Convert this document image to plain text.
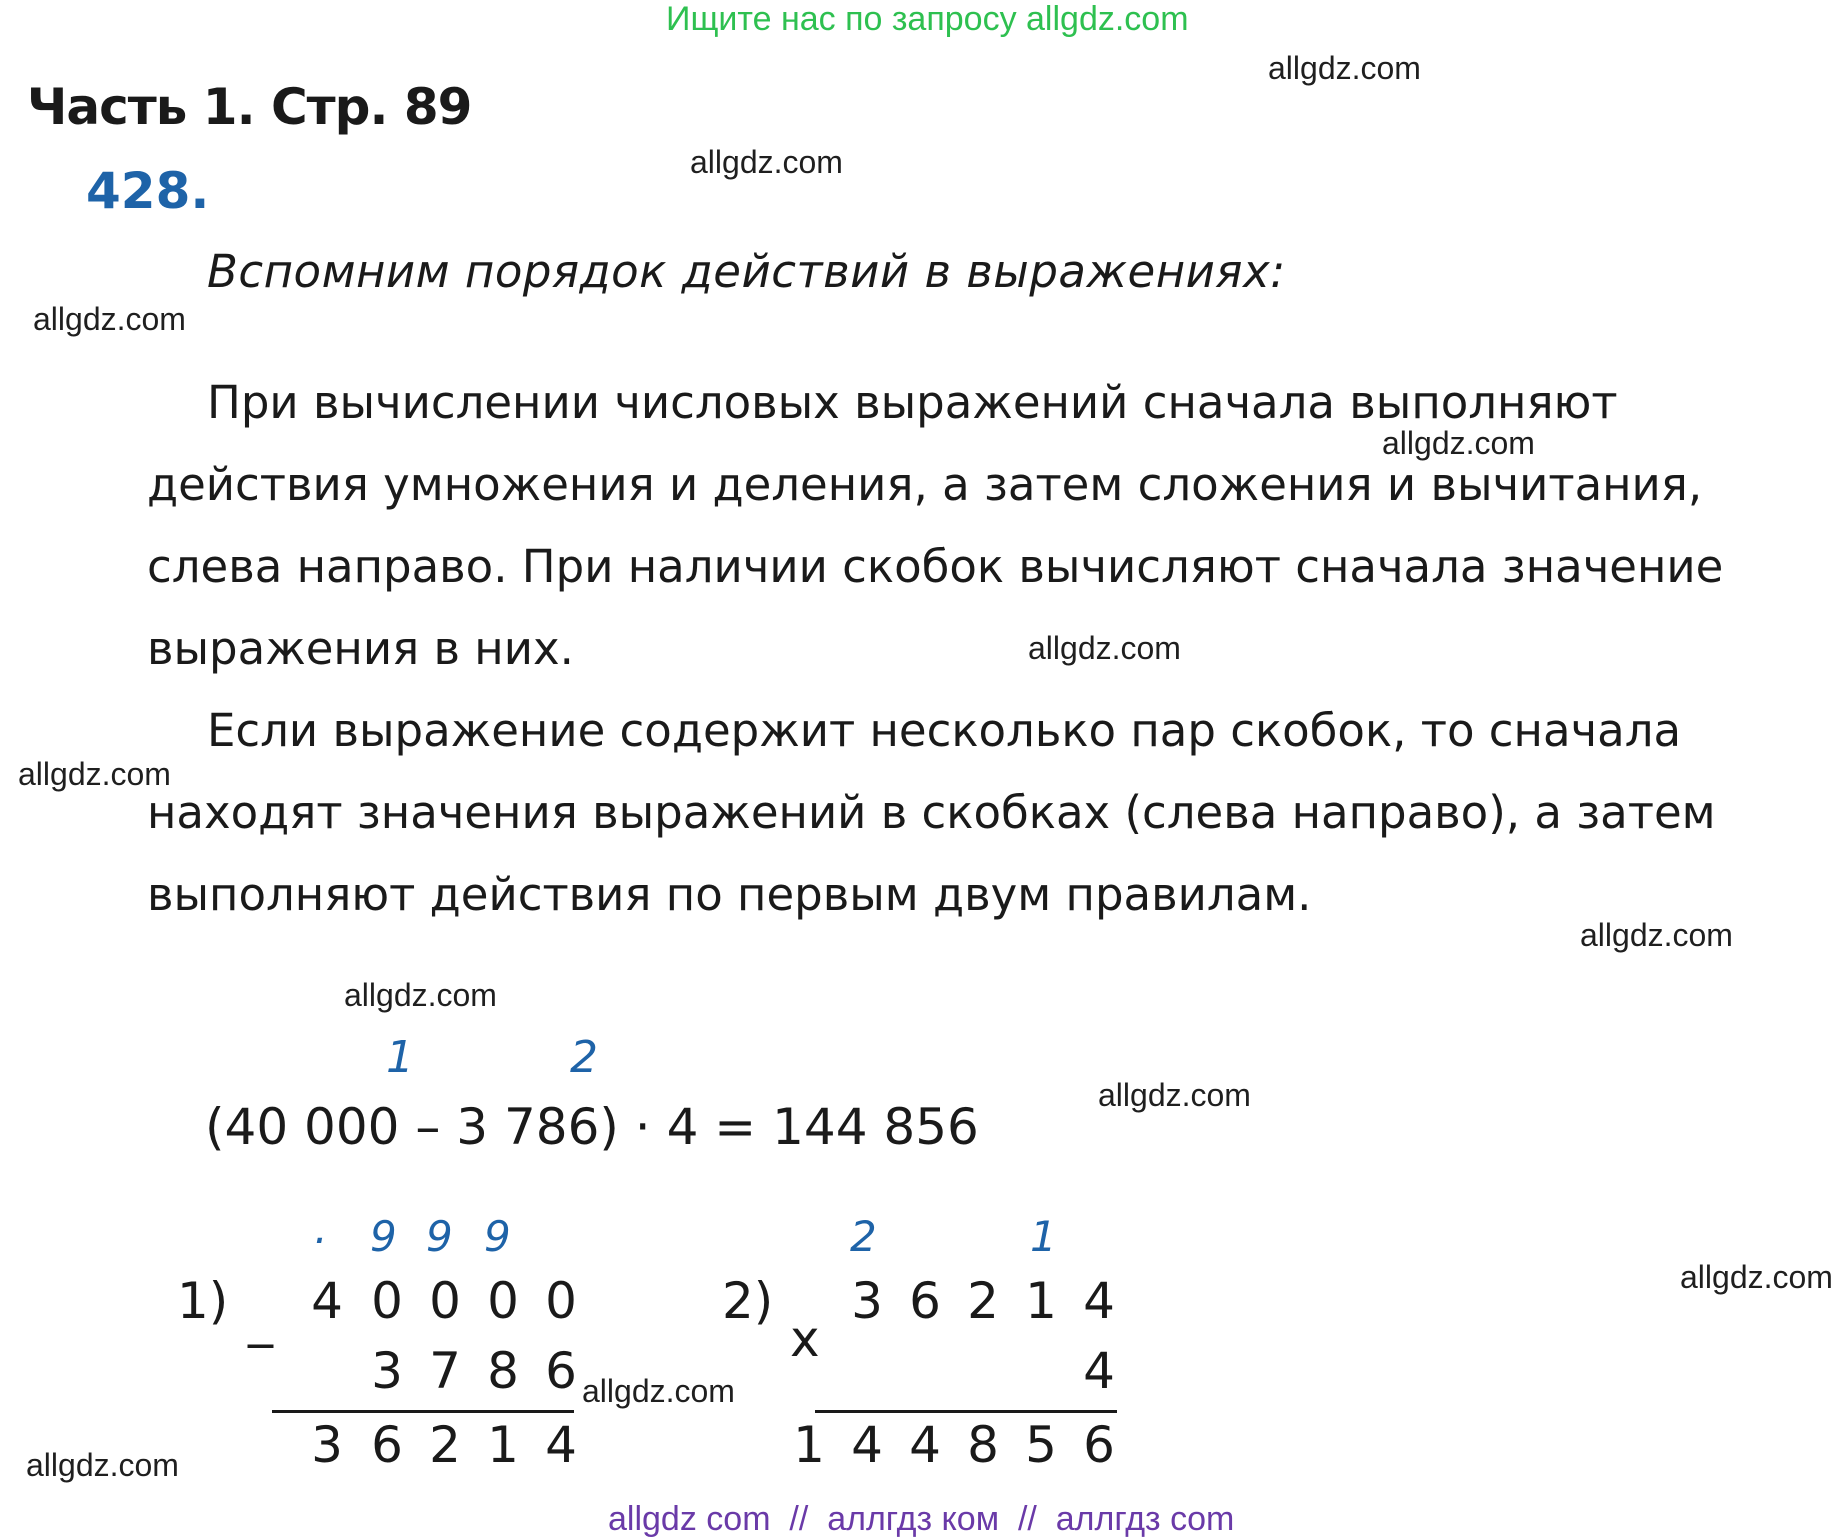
Ищите нас по запросу allgdz.com
allgdz.com
allgdz.com
allgdz.com
allgdz.com
allgdz.com
allgdz.com
allgdz.com
allgdz.com
allgdz.com
allgdz.com
allgdz.com
allgdz.com
Часть 1. Стр. 89
428.
Вспомним порядок действий в выражениях:

При вычислении числовых выражений сначала выполняют действия умножения и деления, а затем сложения и вычитания, слева направо. При наличии скобок вычисляют сначала значение выражения в них.

Если выражение содержит несколько пар скобок, то сначала находят значения выражений в скобках (слева направо), а затем выполняют действия по первым двум правилам.

1	2
(40 000 – 3 786) · 4 = 144 856
1) _
· 9 9 9
4 0 0 0 0
3 7 8 6
3 6 2 1 4
2)
x
2	1
3 6 2 1 4
4
1 4 4 8 5 6
allgdz com  //  аллгдз ком  //  аллгдз com
